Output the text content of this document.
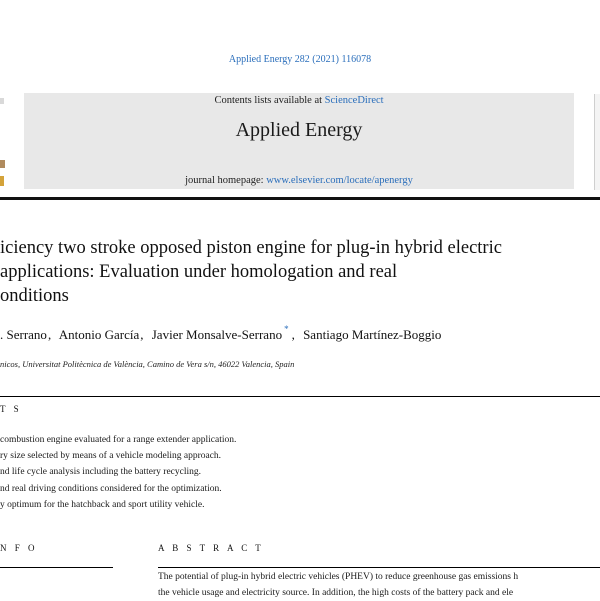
Applied Energy 282 (2021) 116078
Contents lists available at ScienceDirect
Applied Energy
journal homepage: www.elsevier.com/locate/apenergy
iciency two stroke opposed piston engine for plug-in hybrid electric
applications: Evaluation under homologation and real
onditions
. Serrano, Antonio García, Javier Monsalve-Serrano * , Santiago Martínez-Boggio
nicos, Universitat Politècnica de València, Camino de Vera s/n, 46022 Valencia, Spain
T S
combustion engine evaluated for a range extender application.
ry size selected by means of a vehicle modeling approach.
nd life cycle analysis including the battery recycling.
nd real driving conditions considered for the optimization.
y optimum for the hatchback and sport utility vehicle.
N F O	A B S T R A C T
The potential of plug-in hybrid electric vehicles (PHEV) to reduce greenhouse gas emissions h
the vehicle usage and electricity source. In addition, the high costs of the battery pack and ele
